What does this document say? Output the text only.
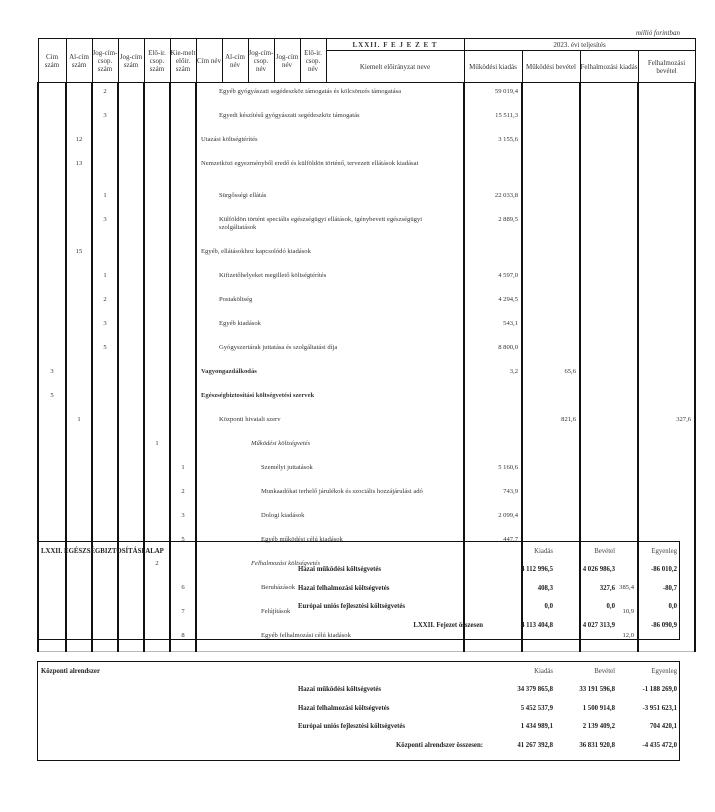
millió forintban
Cím szám	Al-cím szám	Jog-cím-csop. szám	Jog-cím szám	Elő-ir. csop. szám	Kie-melt előir. szám	Cím név	Al-cím név	Jog-cím-csop. név	Jog-cím név	Elő-ir. csop. név	LXXII. F E J E Z E T	2023. évi teljesítés			
											Kiemelt előirányzat neve	Működési kiadás	Működési bevétel	Felhalmozási kiadás	Felhalmozási bevétel
		2				Egyéb gyógyászati segédeszköz támogatás és kölcsönzés támogatása						59 019,4			
		3				Egyedi készítésű gyógyászati segédeszköz támogatás						15 511,3			
	12					Utazási költségtérítés						3 155,6			
	13					Nemzetközi egyezményből eredő és külföldön történő, tervezett ellátások kiadásai									
		1				Sürgősségi ellátás						22 033,8			
		3				Külföldön történt speciális egészségügyi ellátások, igénybevett egészségügyi szolgáltatások						2 889,5			
	15					Egyéb, ellátásokhoz kapcsolódó kiadások									
		1				Kifizetőhelyeket megillető költségtérítés						4 597,0			
		2				Postaköltség						4 294,5			
		3				Egyéb kiadások						543,1			
		5				Gyógyszertárak juttatása és szolgáltatási díja						8 800,0			
3						Vagyongazdálkodás						3,2	65,6		
5						Egészségbiztosítási költségvetési szervek									
	1					Központi hivatali szerv							821,6		327,6
				1		Működési költségvetés									
					1	Személyi juttatások						5 160,6			
					2	Munkaadókat terhelő járulékok és szociális hozzájárulási adó						743,9			
					3	Dologi kiadások						2 099,4			
					5	Egyéb működési célú kiadások						447,7			
				2		Felhalmozási költségvetés									
					6	Beruházások								385,4	
					7	Felújítások								10,9	
					8	Egyéb felhalmozási célú kiadások								12,0	
LXXII. EGÉSZSÉGBIZTOSÍTÁSI ALAP	Kiadás	Bevétel	Egyenleg
Hazai működési költségvetés	4 112 996,5	4 026 986,3	-86 010,2
Hazai felhalmozási költségvetés	408,3	327,6	-80,7
Európai uniós fejlesztési költségvetés	0,0	0,0	0,0
LXXII. Fejezet összesen	4 113 404,8	4 027 313,9	-86 090,9
Központi alrendszer	Kiadás	Bevétel	Egyenleg
Hazai működési költségvetés	34 379 865,8	33 191 596,8	-1 188 269,0
Hazai felhalmozási költségvetés	5 452 537,9	1 500 914,8	-3 951 623,1
Európai uniós fejlesztési költségvetés	1 434 989,1	2 139 409,2	704 420,1
Központi alrendszer összesen:	41 267 392,8	36 831 920,8	-4 435 472,0
